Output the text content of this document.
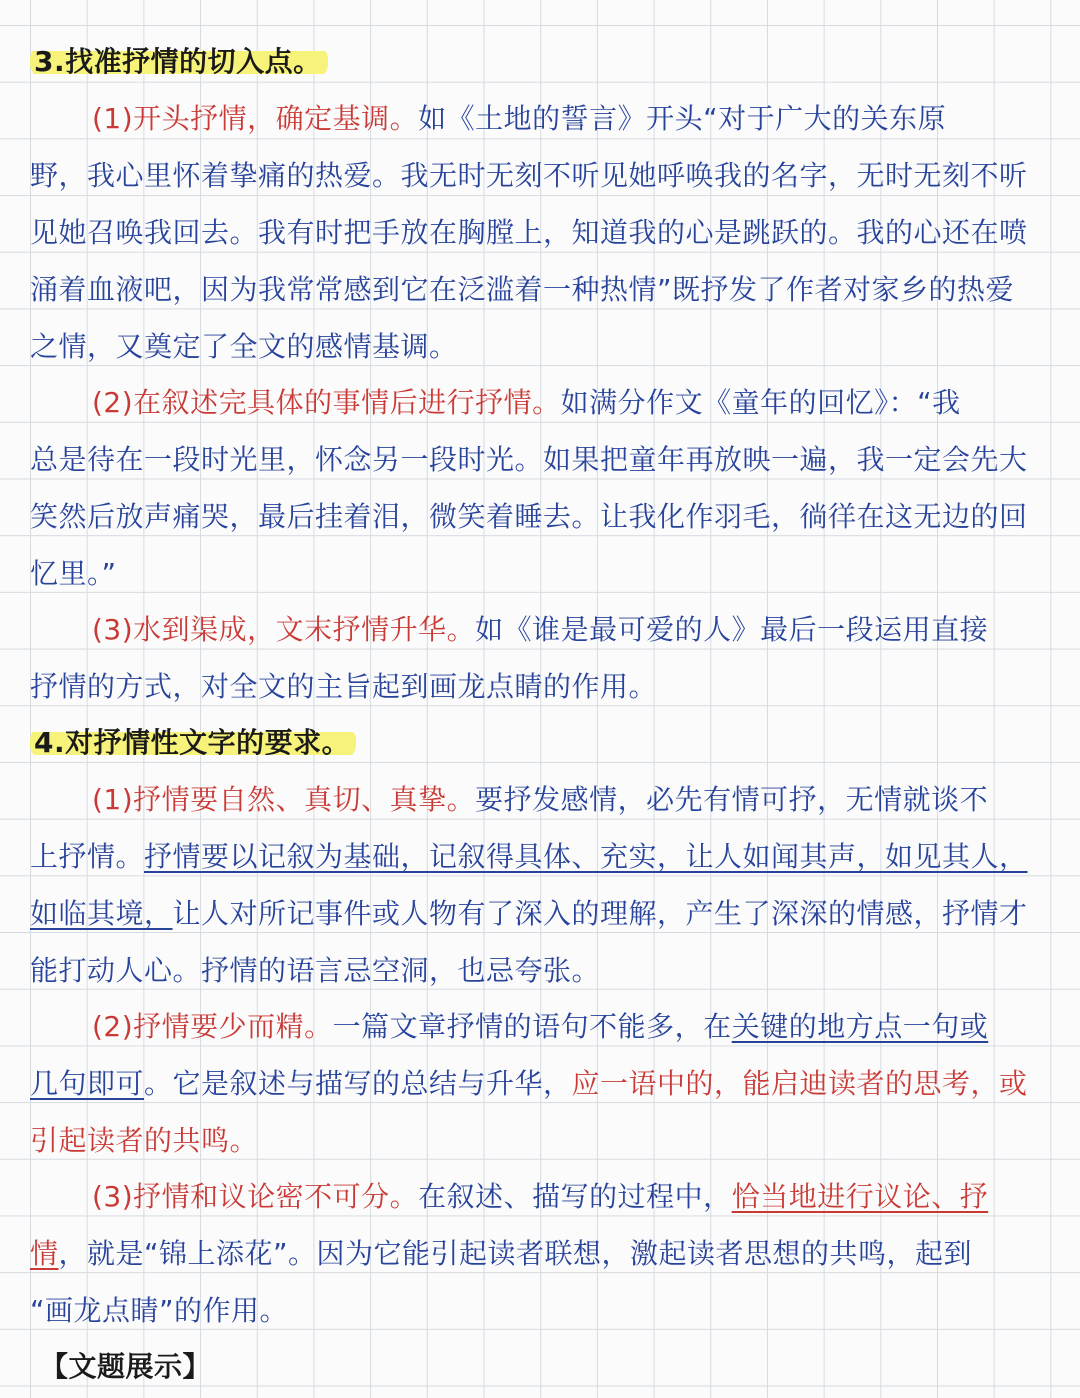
3.找准抒情的切入点。
(1)开头抒情，确定基调。如《土地的誓言》开头“对于广大的关东原
野，我心里怀着挚痛的热爱。我无时无刻不听见她呼唤我的名字，无时无刻不听
见她召唤我回去。我有时把手放在胸膛上，知道我的心是跳跃的。我的心还在喷
涌着血液吧，因为我常常感到它在泛滥着一种热情”既抒发了作者对家乡的热爱
之情，又奠定了全文的感情基调。
(2)在叙述完具体的事情后进行抒情。如满分作文《童年的回忆》：“我
总是待在一段时光里，怀念另一段时光。如果把童年再放映一遍，我一定会先大
笑然后放声痛哭，最后挂着泪，微笑着睡去。让我化作羽毛，徜徉在这无边的回
忆里。”
(3)水到渠成，文末抒情升华。如《谁是最可爱的人》最后一段运用直接
抒情的方式，对全文的主旨起到画龙点睛的作用。
4.对抒情性文字的要求。
(1)抒情要自然、真切、真挚。要抒发感情，必先有情可抒，无情就谈不
上抒情。抒情要以记叙为基础，记叙得具体、充实，让人如闻其声，如见其人，
如临其境，让人对所记事件或人物有了深入的理解，产生了深深的情感，抒情才
能打动人心。抒情的语言忌空洞，也忌夸张。
(2)抒情要少而精。一篇文章抒情的语句不能多，在关键的地方点一句或
几句即可。它是叙述与描写的总结与升华，应一语中的，能启迪读者的思考，或
引起读者的共鸣。
(3)抒情和议论密不可分。在叙述、描写的过程中，恰当地进行议论、抒
情，就是“锦上添花”。因为它能引起读者联想，激起读者思想的共鸣，起到
“画龙点睛”的作用。
【文题展示】
